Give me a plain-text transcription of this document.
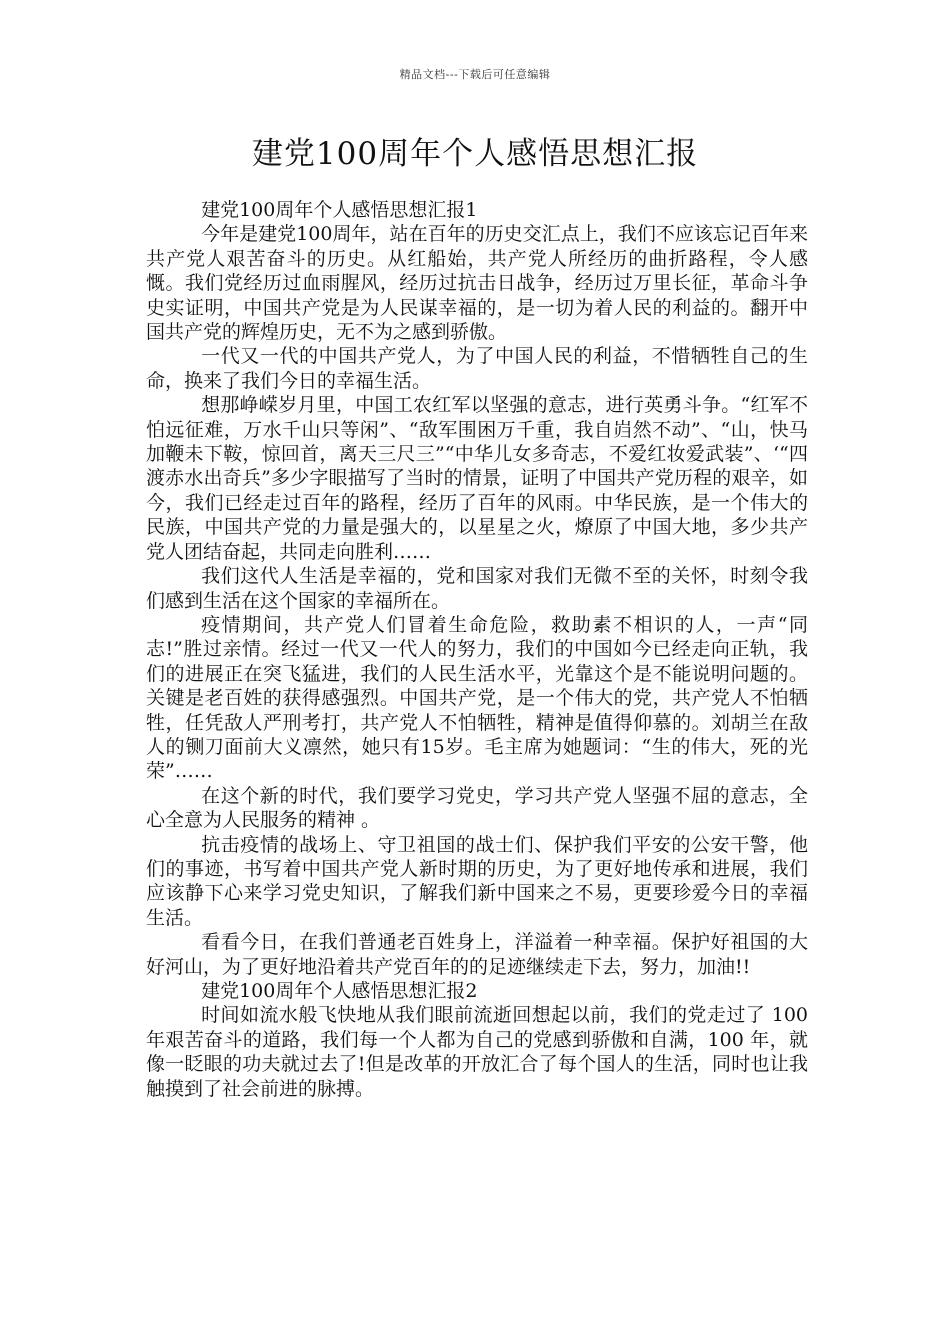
精品文档---下载后可任意编辑
建党100周年个人感悟思想汇报

建党100周年个人感悟思想汇报1

今年是建党100周年，站在百年的历史交汇点上，我们不应该忘记百年来共产党人艰苦奋斗的历史。从红船始，共产党人所经历的曲折路程，令人感慨。我们党经历过血雨腥风，经历过抗击日战争，经历过万里长征，革命斗争史实证明，中国共产党是为人民谋幸福的，是一切为着人民的利益的。翻开中国共产党的辉煌历史，无不为之感到骄傲。

一代又一代的中国共产党人，为了中国人民的利益，不惜牺牲自己的生命，换来了我们今日的幸福生活。

想那峥嵘岁月里，中国工农红军以坚强的意志，进行英勇斗争。“红军不怕远征难，万水千山只等闲”、“敌军围困万千重，我自岿然不动”、“山，快马加鞭未下鞍，惊回首，离天三尺三”“中华儿女多奇志，不爱红妆爱武装”、‘“四渡赤水出奇兵”多少字眼描写了当时的情景，证明了中国共产党历程的艰辛，如今，我们已经走过百年的路程，经历了百年的风雨。中华民族，是一个伟大的民族，中国共产党的力量是强大的，以星星之火，燎原了中国大地，多少共产党人团结奋起，共同走向胜利……

我们这代人生活是幸福的，党和国家对我们无微不至的关怀，时刻令我们感到生活在这个国家的幸福所在。

疫情期间，共产党人们冒着生命危险，救助素不相识的人，一声“同志!”胜过亲情。经过一代又一代人的努力，我们的中国如今已经走向正轨，我们的进展正在突飞猛进，我们的人民生活水平，光靠这个是不能说明问题的。关键是老百姓的获得感强烈。中国共产党，是一个伟大的党，共产党人不怕牺牲，任凭敌人严刑考打，共产党人不怕牺牲，精神是值得仰慕的。刘胡兰在敌人的铡刀面前大义凛然，她只有15岁。毛主席为她题词：“生的伟大，死的光荣”……

在这个新的时代，我们要学习党史，学习共产党人坚强不屈的意志，全心全意为人民服务的精神 。

抗击疫情的战场上、守卫祖国的战士们、保护我们平安的公安干警，他们的事迹，书写着中国共产党人新时期的历史，为了更好地传承和进展，我们应该静下心来学习党史知识，了解我们新中国来之不易，更要珍爱今日的幸福生活。

看看今日，在我们普通老百姓身上，洋溢着一种幸福。保护好祖国的大好河山，为了更好地沿着共产党百年的的足迹继续走下去，努力，加油!!

建党100周年个人感悟思想汇报2

时间如流水般飞快地从我们眼前流逝回想起以前，我们的党走过了 100 年艰苦奋斗的道路，我们每一个人都为自己的党感到骄傲和自满，100 年，就像一眨眼的功夫就过去了!但是改革的开放汇合了每个国人的生活，同时也让我触摸到了社会前进的脉搏。
